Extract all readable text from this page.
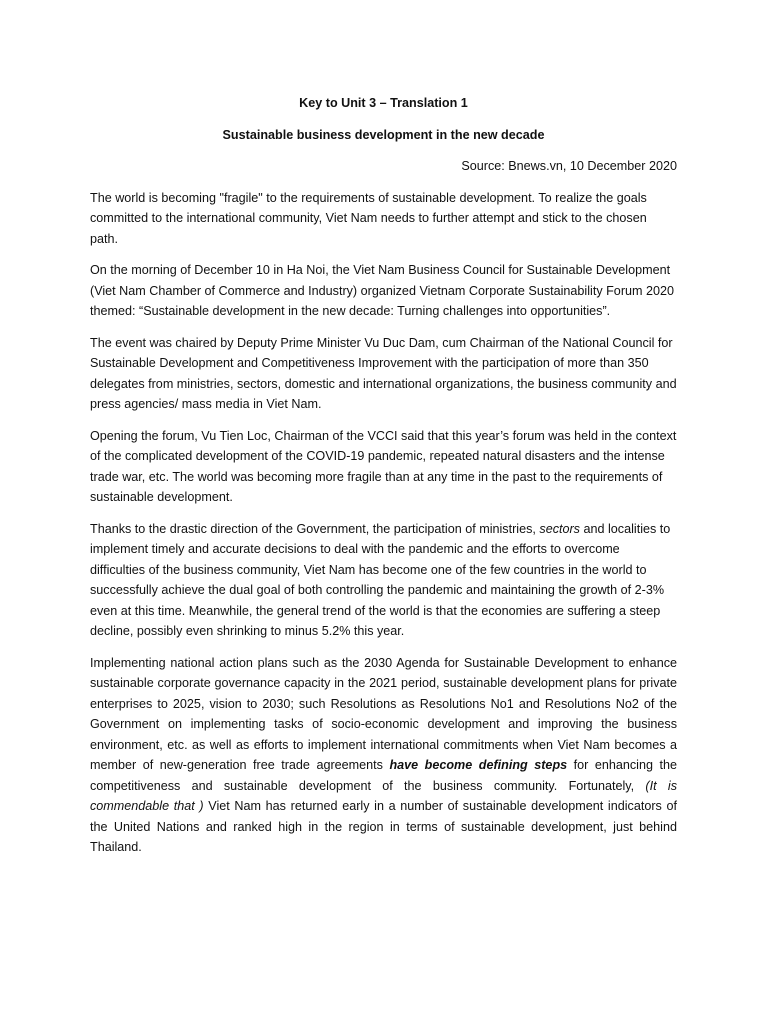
Key to Unit 3 – Translation 1

Sustainable business development in the new decade

Source: Bnews.vn, 10 December 2020

The world is becoming "fragile" to the requirements of sustainable development. To realize the goals committed to the international community, Viet Nam needs to further attempt and stick to the chosen path.

On the morning of December 10 in Ha Noi, the Viet Nam Business Council for Sustainable Development (Viet Nam Chamber of Commerce and Industry) organized Vietnam Corporate Sustainability Forum 2020 themed: “Sustainable development in the new decade: Turning challenges into opportunities”.

The event was chaired by Deputy Prime Minister Vu Duc Dam, cum Chairman of the National Council for Sustainable Development and Competitiveness Improvement with the participation of more than 350 delegates from ministries, sectors, domestic and international organizations, the business community and press agencies/ mass media in Viet Nam.

Opening the forum, Vu Tien Loc, Chairman of the VCCI said that this year’s forum was held in the context of the complicated development of the COVID-19 pandemic, repeated natural disasters and the intense trade war, etc. The world was becoming more fragile than at any time in the past to the requirements of sustainable development.

Thanks to the drastic direction of the Government, the participation of ministries, sectors and localities to implement timely and accurate decisions to deal with the pandemic and the efforts to overcome difficulties of the business community, Viet Nam has become one of the few countries in the world to successfully achieve the dual goal of both controlling the pandemic and maintaining the growth of 2-3% even at this time. Meanwhile, the general trend of the world is that the economies are suffering a steep decline, possibly even shrinking to minus 5.2% this year.

Implementing national action plans such as the 2030 Agenda for Sustainable Development to enhance sustainable corporate governance capacity in the 2021 period, sustainable development plans for private enterprises to 2025, vision to 2030; such Resolutions as Resolutions No1 and Resolutions No2 of the Government on implementing tasks of socio-economic development and improving the business environment, etc. as well as efforts to implement international commitments when Viet Nam becomes a member of new-generation free trade agreements have become defining steps for enhancing the competitiveness and sustainable development of the business community. Fortunately, (It is commendable that ) Viet Nam has returned early in a number of sustainable development indicators of the United Nations and ranked high in the region in terms of sustainable development, just behind Thailand.
